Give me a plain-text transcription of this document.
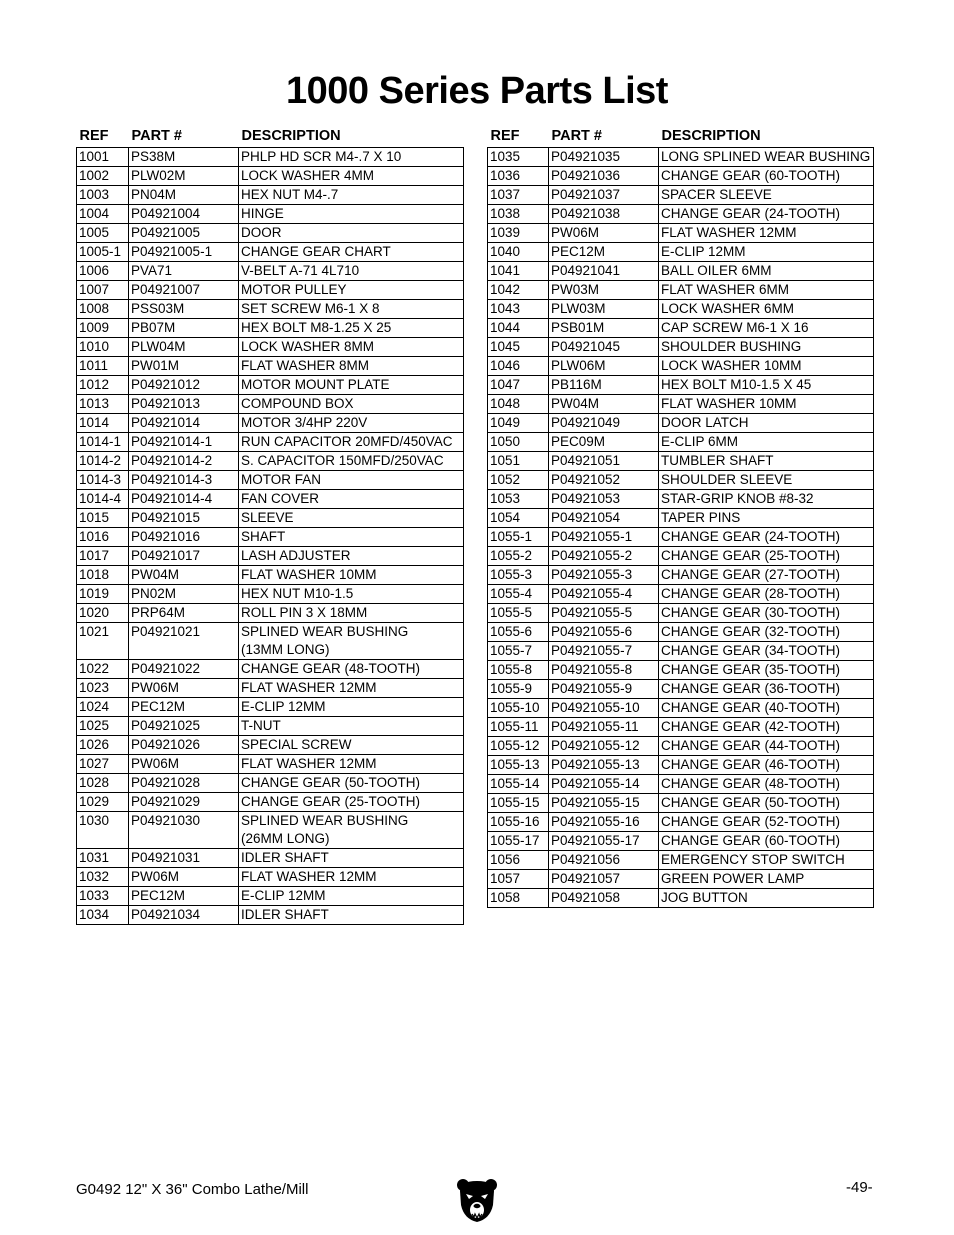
1000 Series Parts List
REF	PART #	DESCRIPTION

1001	PS38M	PHLP HD SCR M4-.7 X 10

1002	PLW02M	LOCK WASHER 4MM

1003	PN04M	HEX NUT M4-.7

1004	P04921004	HINGE

1005	P04921005	DOOR

1005-1	P04921005-1	CHANGE GEAR CHART

1006	PVA71	V-BELT A-71 4L710

1007	P04921007	MOTOR PULLEY

1008	PSS03M	SET SCREW M6-1 X 8

1009	PB07M	HEX BOLT M8-1.25 X 25

1010	PLW04M	LOCK WASHER 8MM

1011	PW01M	FLAT WASHER 8MM

1012	P04921012	MOTOR MOUNT PLATE

1013	P04921013	COMPOUND BOX

1014	P04921014	MOTOR 3/4HP 220V

1014-1	P04921014-1	RUN CAPACITOR 20MFD/450VAC

1014-2	P04921014-2	S. CAPACITOR 150MFD/250VAC

1014-3	P04921014-3	MOTOR FAN

1014-4	P04921014-4	FAN COVER

1015	P04921015	SLEEVE

1016	P04921016	SHAFT

1017	P04921017	LASH ADJUSTER

1018	PW04M	FLAT WASHER 10MM

1019	PN02M	HEX NUT M10-1.5

1020	PRP64M	ROLL PIN 3 X 18MM

1021	P04921021	SPLINED WEAR BUSHING
(13MM LONG)

1022	P04921022	CHANGE GEAR (48-TOOTH)

1023	PW06M	FLAT WASHER 12MM

1024	PEC12M	E-CLIP 12MM

1025	P04921025	T-NUT

1026	P04921026	SPECIAL SCREW

1027	PW06M	FLAT WASHER 12MM

1028	P04921028	CHANGE GEAR (50-TOOTH)

1029	P04921029	CHANGE GEAR (25-TOOTH)

1030	P04921030	SPLINED WEAR BUSHING
(26MM LONG)

1031	P04921031	IDLER SHAFT

1032	PW06M	FLAT WASHER 12MM

1033	PEC12M	E-CLIP 12MM

1034	P04921034	IDLER SHAFT
REF	PART #	DESCRIPTION

1035	P04921035	LONG SPLINED WEAR BUSHING

1036	P04921036	CHANGE GEAR (60-TOOTH)

1037	P04921037	SPACER SLEEVE

1038	P04921038	CHANGE GEAR (24-TOOTH)

1039	PW06M	FLAT WASHER 12MM

1040	PEC12M	E-CLIP 12MM

1041	P04921041	BALL OILER 6MM

1042	PW03M	FLAT WASHER 6MM

1043	PLW03M	LOCK WASHER 6MM

1044	PSB01M	CAP SCREW M6-1 X 16

1045	P04921045	SHOULDER BUSHING

1046	PLW06M	LOCK WASHER 10MM

1047	PB116M	HEX BOLT M10-1.5 X 45

1048	PW04M	FLAT WASHER 10MM

1049	P04921049	DOOR LATCH

1050	PEC09M	E-CLIP 6MM

1051	P04921051	TUMBLER SHAFT

1052	P04921052	SHOULDER SLEEVE

1053	P04921053	STAR-GRIP KNOB #8-32

1054	P04921054	TAPER PINS

1055-1	P04921055-1	CHANGE GEAR (24-TOOTH)

1055-2	P04921055-2	CHANGE GEAR (25-TOOTH)

1055-3	P04921055-3	CHANGE GEAR (27-TOOTH)

1055-4	P04921055-4	CHANGE GEAR (28-TOOTH)

1055-5	P04921055-5	CHANGE GEAR (30-TOOTH)

1055-6	P04921055-6	CHANGE GEAR (32-TOOTH)

1055-7	P04921055-7	CHANGE GEAR (34-TOOTH)

1055-8	P04921055-8	CHANGE GEAR (35-TOOTH)

1055-9	P04921055-9	CHANGE GEAR (36-TOOTH)

1055-10	P04921055-10	CHANGE GEAR (40-TOOTH)

1055-11	P04921055-11	CHANGE GEAR (42-TOOTH)

1055-12	P04921055-12	CHANGE GEAR (44-TOOTH)

1055-13	P04921055-13	CHANGE GEAR (46-TOOTH)

1055-14	P04921055-14	CHANGE GEAR (48-TOOTH)

1055-15	P04921055-15	CHANGE GEAR (50-TOOTH)

1055-16	P04921055-16	CHANGE GEAR (52-TOOTH)

1055-17	P04921055-17	CHANGE GEAR (60-TOOTH)

1056	P04921056	EMERGENCY STOP SWITCH

1057	P04921057	GREEN POWER LAMP

1058	P04921058	JOG BUTTON
G0492 12" X 36" Combo Lathe/Mill	-49-
